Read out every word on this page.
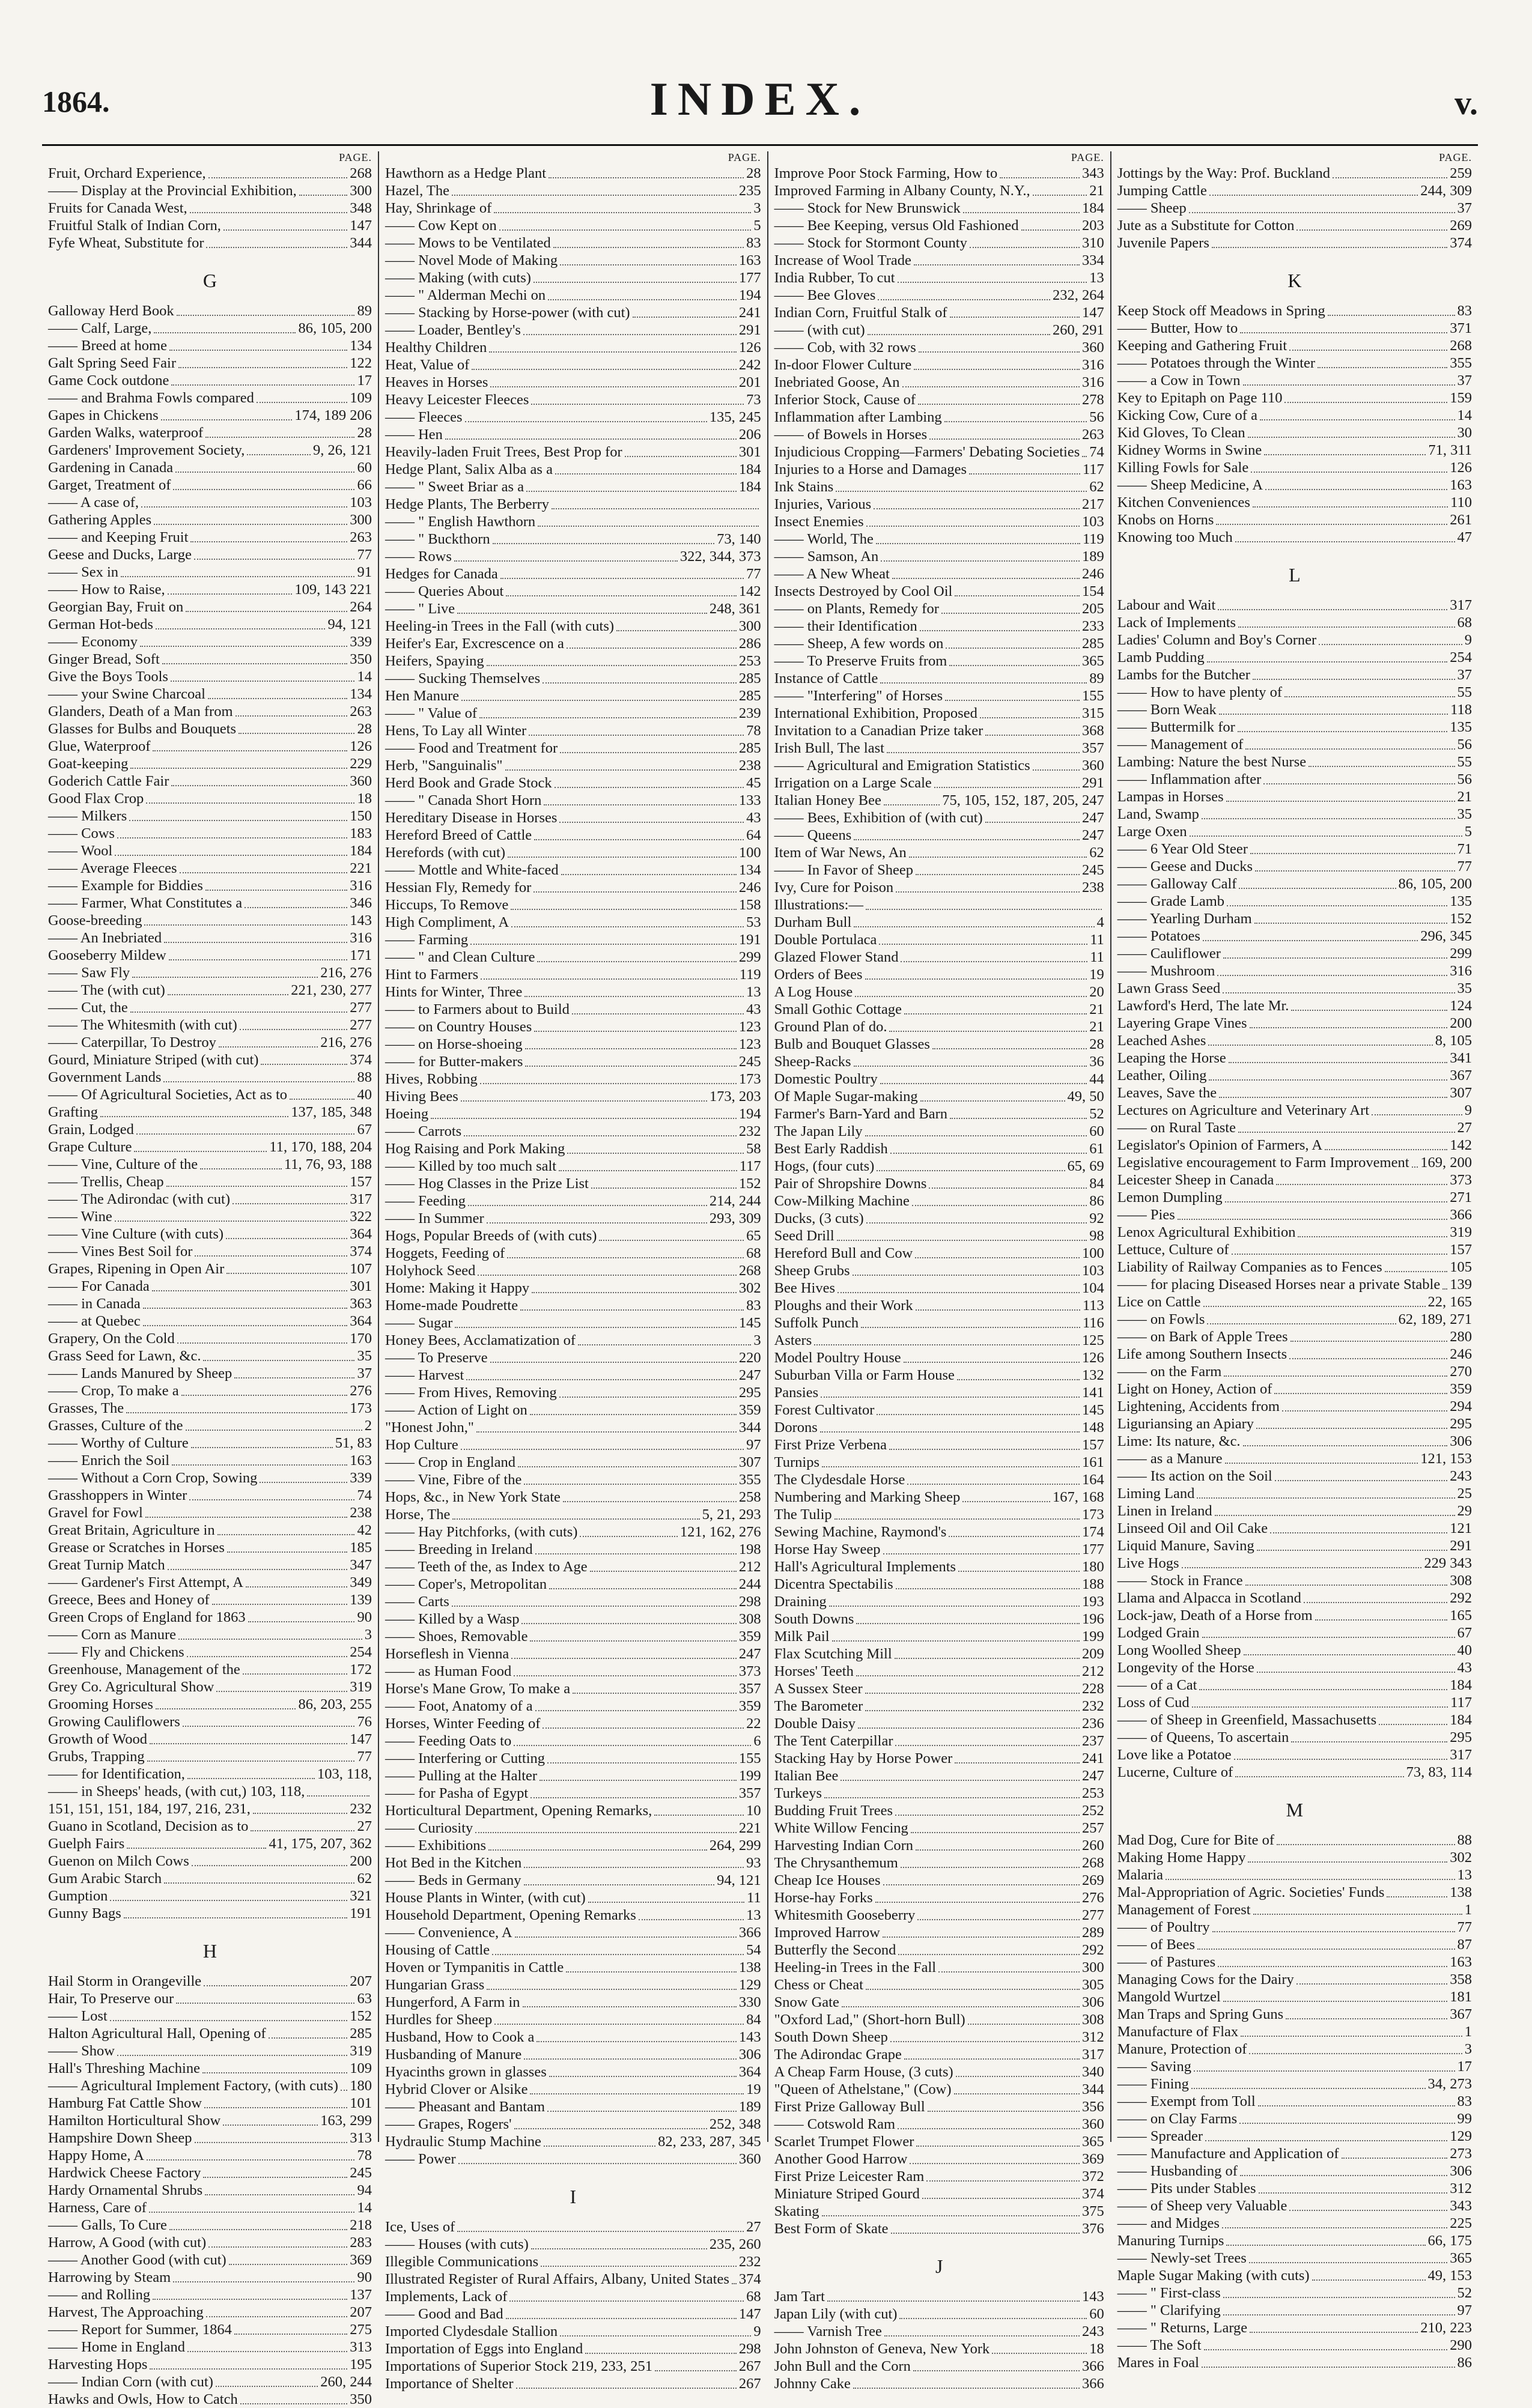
1864.	INDEX.	v.
PAGE.
Fruit, Orchard Experience,	268
—— Display at the Provincial Exhibition,	300
Fruits for Canada West,	348
Fruitful Stalk of Indian Corn,	147
Fyfe Wheat, Substitute for	344
G
Galloway Herd Book	89
—— Calf, Large,	86, 105, 200
—— Breed at home	134
Galt Spring Seed Fair	122
Game Cock outdone	17
—— and Brahma Fowls compared	109
Gapes in Chickens	174, 189 206
Garden Walks, waterproof	28
Gardeners' Improvement Society,	9, 26, 121
Gardening in Canada	60
Garget, Treatment of	66
—— A case of,	103
Gathering Apples	300
—— and Keeping Fruit	263
Geese and Ducks, Large	77
—— Sex in	91
—— How to Raise,	109, 143 221
Georgian Bay, Fruit on	264
German Hot-beds	94, 121
—— Economy	339
Ginger Bread, Soft	350
Give the Boys Tools	14
—— your Swine Charcoal	134
Glanders, Death of a Man from	263
Glasses for Bulbs and Bouquets	28
Glue, Waterproof	126
Goat-keeping	229
Goderich Cattle Fair	360
Good Flax Crop	18
—— Milkers	150
—— Cows	183
—— Wool	184
—— Average Fleeces	221
—— Example for Biddies	316
—— Farmer, What Constitutes a	346
Goose-breeding	143
—— An Inebriated	316
Gooseberry Mildew	171
—— Saw Fly	216, 276
—— The (with cut)	221, 230, 277
—— Cut, the	277
—— The Whitesmith (with cut)	277
—— Caterpillar, To Destroy	216, 276
Gourd, Miniature Striped (with cut)	374
Government Lands	88
—— Of Agricultural Societies, Act as to	40
Grafting	137, 185, 348
Grain, Lodged	67
Grape Culture	11, 170, 188, 204
—— Vine, Culture of the	11, 76, 93, 188
—— Trellis, Cheap	157
—— The Adirondac (with cut)	317
—— Wine	322
—— Vine Culture (with cuts)	364
—— Vines Best Soil for	374
Grapes, Ripening in Open Air	107
—— For Canada	301
—— in Canada	363
—— at Quebec	364
Grapery, On the Cold	170
Grass Seed for Lawn, &c.	35
—— Lands Manured by Sheep	37
—— Crop, To make a	276
Grasses, The	173
Grasses, Culture of the	2
—— Worthy of Culture	51, 83
—— Enrich the Soil	163
—— Without a Corn Crop, Sowing	339
Grasshoppers in Winter	74
Gravel for Fowl	238
Great Britain, Agriculture in	42
Grease or Scratches in Horses	185
Great Turnip Match	347
—— Gardener's First Attempt, A	349
Greece, Bees and Honey of	139
Green Crops of England for 1863	90
—— Corn as Manure	3
—— Fly and Chickens	254
Greenhouse, Management of the	172
Grey Co. Agricultural Show	319
Grooming Horses	86, 203, 255
Growing Cauliflowers	76
Growth of Wood	147
Grubs, Trapping	77
—— for Identification,	103, 118,
—— in Sheeps' heads, (with cut,) 103, 118,
151, 151, 151, 184, 197, 216, 231,	232
Guano in Scotland, Decision as to	27
Guelph Fairs	41, 175, 207, 362
Guenon on Milch Cows	200
Gum Arabic Starch	62
Gumption	321
Gunny Bags	191
H
Hail Storm in Orangeville	207
Hair, To Preserve our	63
—— Lost	152
Halton Agricultural Hall, Opening of	285
—— Show	319
Hall's Threshing Machine	109
—— Agricultural Implement Factory, (with cuts) 180
Hamburg Fat Cattle Show	101
Hamilton Horticultural Show	163, 299
Hampshire Down Sheep	313
Happy Home, A	78
Hardwick Cheese Factory	245
Hardy Ornamental Shrubs	94
Harness, Care of	14
—— Galls, To Cure	218
Harrow, A Good (with cut)	283
—— Another Good (with cut)	369
Harrowing by Steam	90
—— and Rolling	137
Harvest, The Approaching	207
—— Report for Summer, 1864	275
—— Home in England	313
Harvesting Hops	195
—— Indian Corn (with cut)	260, 244
Hawks and Owls, How to Catch	350
PAGE.
Hawthorn as a Hedge Plant	28
Hazel, The	235
Hay, Shrinkage of	3
—— Cow Kept on	5
—— Mows to be Ventilated	83
—— Novel Mode of Making	163
—— Making (with cuts)	177
—— " Alderman Mechi on	194
—— Stacking by Horse-power (with cut)	241
—— Loader, Bentley's	291
Healthy Children	126
Heat, Value of	242
Heaves in Horses	201
Heavy Leicester Fleeces	73
—— Fleeces	135, 245
—— Hen	206
Heavily-laden Fruit Trees, Best Prop for	301
Hedge Plant, Salix Alba as a	184
—— " Sweet Briar as a	184
Hedge Plants, The Berberry
—— " English Hawthorn
—— " Buckthorn	73, 140
—— Rows	322, 344, 373
Hedges for Canada	77
—— Queries About	142
—— " Live	248, 361
Heeling-in Trees in the Fall (with cuts)	300
Heifer's Ear, Excrescence on a	286
Heifers, Spaying	253
—— Sucking Themselves	285
Hen Manure	285
—— " Value of	239
Hens, To Lay all Winter	78
—— Food and Treatment for	285
Herb, "Sanguinalis"	238
Herd Book and Grade Stock	45
—— " Canada Short Horn	133
Hereditary Disease in Horses	43
Hereford Breed of Cattle	64
Herefords (with cut)	100
—— Mottle and White-faced	134
Hessian Fly, Remedy for	246
Hiccups, To Remove	158
High Compliment, A	53
—— Farming	191
—— " and Clean Culture	299
Hint to Farmers	119
Hints for Winter, Three	13
—— to Farmers about to Build	43
—— on Country Houses	123
—— on Horse-shoeing	123
—— for Butter-makers	245
Hives, Robbing	173
Hiving Bees	173, 203
Hoeing	194
—— Carrots	232
Hog Raising and Pork Making	58
—— Killed by too much salt	117
—— Hog Classes in the Prize List	152
—— Feeding	214, 244
—— In Summer	293, 309
Hogs, Popular Breeds of (with cuts)	65
Hoggets, Feeding of	68
Holyhock Seed	268
Home: Making it Happy	302
Home-made Poudrette	83
—— Sugar	145
Honey Bees, Acclamatization of	3
—— To Preserve	220
—— Harvest	247
—— From Hives, Removing	295
—— Action of Light on	359
"Honest John,"	344
Hop Culture	97
—— Crop in England	307
—— Vine, Fibre of the	355
Hops, &c., in New York State	258
Horse, The	5, 21, 293
—— Hay Pitchforks, (with cuts)	121, 162, 276
—— Breeding in Ireland	198
—— Teeth of the, as Index to Age	212
—— Coper's, Metropolitan	244
—— Carts	298
—— Killed by a Wasp	308
—— Shoes, Removable	359
Horseflesh in Vienna	247
—— as Human Food	373
Horse's Mane Grow, To make a	357
—— Foot, Anatomy of a	359
Horses, Winter Feeding of	22
—— Feeding Oats to	6
—— Interfering or Cutting	155
—— Pulling at the Halter	199
—— for Pasha of Egypt	357
Horticultural Department, Opening Remarks,	10
—— Curiosity	221
—— Exhibitions	264, 299
Hot Bed in the Kitchen	93
—— Beds in Germany	94, 121
House Plants in Winter, (with cut)	11
Household Department, Opening Remarks	13
—— Convenience, A	366
Housing of Cattle	54
Hoven or Tympanitis in Cattle	138
Hungarian Grass	129
Hungerford, A Farm in	330
Hurdles for Sheep	84
Husband, How to Cook a	143
Husbanding of Manure	306
Hyacinths grown in glasses	364
Hybrid Clover or Alsike	19
—— Pheasant and Bantam	189
—— Grapes, Rogers'	252, 348
Hydraulic Stump Machine	82, 233, 287, 345
—— Power	360
I
Ice, Uses of	27
—— Houses (with cuts)	235, 260
Illegible Communications	232
Illustrated Register of Rural Affairs, Albany, United States 374
Implements, Lack of	68
—— Good and Bad	147
Imported Clydesdale Stallion	9
Importation of Eggs into England	298
Importations of Superior Stock 219, 233, 251	267
Importance of Shelter	267
PAGE.
Improve Poor Stock Farming, How to	343
Improved Farming in Albany County, N.Y.,	21
—— Stock for New Brunswick	184
—— Bee Keeping, versus Old Fashioned	203
—— Stock for Stormont County	310
Increase of Wool Trade	334
India Rubber, To cut	13
—— Bee Gloves	232, 264
Indian Corn, Fruitful Stalk of	147
—— (with cut)	260, 291
—— Cob, with 32 rows	360
In-door Flower Culture	316
Inebriated Goose, An	316
Inferior Stock, Cause of	278
Inflammation after Lambing	56
—— of Bowels in Horses	263
Injudicious Cropping—Farmers' Debating Societies 74
Injuries to a Horse and Damages	117
Ink Stains	62
Injuries, Various	217
Insect Enemies	103
—— World, The	119
—— Samson, An	189
—— A New Wheat	246
Insects Destroyed by Cool Oil	154
—— on Plants, Remedy for	205
—— their Identification	233
—— Sheep, A few words on	285
—— To Preserve Fruits from	365
Instance of Cattle	89
—— "Interfering" of Horses	155
International Exhibition, Proposed	315
Invitation to a Canadian Prize taker	368
Irish Bull, The last	357
—— Agricultural and Emigration Statistics	360
Irrigation on a Large Scale	291
Italian Honey Bee	75, 105, 152, 187, 205, 247
—— Bees, Exhibition of (with cut)	247
—— Queens	247
Item of War News, An	62
—— In Favor of Sheep	245
Ivy, Cure for Poison	238
Illustrations:—
Durham Bull	4
Double Portulaca	11
Glazed Flower Stand	11
Orders of Bees	19
A Log House	20
Small Gothic Cottage	21
Ground Plan of do.	21
Bulb and Bouquet Glasses	28
Sheep-Racks	36
Domestic Poultry	44
Of Maple Sugar-making	49, 50
Farmer's Barn-Yard and Barn	52
The Japan Lily	60
Best Early Raddish	61
Hogs, (four cuts)	65, 69
Pair of Shropshire Downs	84
Cow-Milking Machine	86
Ducks, (3 cuts)	92
Seed Drill	98
Hereford Bull and Cow	100
Sheep Grubs	103
Bee Hives	104
Ploughs and their Work	113
Suffolk Punch	116
Asters	125
Model Poultry House	126
Suburban Villa or Farm House	132
Pansies	141
Forest Cultivator	145
Dorons	148
First Prize Verbena	157
Turnips	161
The Clydesdale Horse	164
Numbering and Marking Sheep	167, 168
The Tulip	173
Sewing Machine, Raymond's	174
Horse Hay Sweep	177
Hall's Agricultural Implements	180
Dicentra Spectabilis	188
Draining	193
South Downs	196
Milk Pail	199
Flax Scutching Mill	209
Horses' Teeth	212
A Sussex Steer	228
The Barometer	232
Double Daisy	236
The Tent Caterpillar	237
Stacking Hay by Horse Power	241
Italian Bee	247
Turkeys	253
Budding Fruit Trees	252
White Willow Fencing	257
Harvesting Indian Corn	260
The Chrysanthemum	268
Cheap Ice Houses	269
Horse-hay Forks	276
Whitesmith Gooseberry	277
Improved Harrow	289
Butterfly the Second	292
Heeling-in Trees in the Fall	300
Chess or Cheat	305
Snow Gate	306
"Oxford Lad," (Short-horn Bull)	308
South Down Sheep	312
The Adirondac Grape	317
A Cheap Farm House, (3 cuts)	340
"Queen of Athelstane," (Cow)	344
First Prize Galloway Bull	356
—— Cotswold Ram	360
Scarlet Trumpet Flower	365
Another Good Harrow	369
First Prize Leicester Ram	372
Miniature Striped Gourd	374
Skating	375
Best Form of Skate	376
J
Jam Tart	143
Japan Lily (with cut)	60
—— Varnish Tree	243
John Johnston of Geneva, New York	18
John Bull and the Corn	366
Johnny Cake	366
PAGE.
Jottings by the Way: Prof. Buckland	259
Jumping Cattle	244, 309
—— Sheep	37
Jute as a Substitute for Cotton	269
Juvenile Papers	374
K
Keep Stock off Meadows in Spring	83
—— Butter, How to	371
Keeping and Gathering Fruit	268
—— Potatoes through the Winter	355
—— a Cow in Town	37
Key to Epitaph on Page 110	159
Kicking Cow, Cure of a	14
Kid Gloves, To Clean	30
Kidney Worms in Swine	71, 311
Killing Fowls for Sale	126
—— Sheep Medicine, A	163
Kitchen Conveniences	110
Knobs on Horns	261
Knowing too Much	47
L
Labour and Wait	317
Lack of Implements	68
Ladies' Column and Boy's Corner	9
Lamb Pudding	254
Lambs for the Butcher	37
—— How to have plenty of	55
—— Born Weak	118
—— Buttermilk for	135
—— Management of	56
Lambing: Nature the best Nurse	55
—— Inflammation after	56
Lampas in Horses	21
Land, Swamp	35
Large Oxen	5
—— 6 Year Old Steer	71
—— Geese and Ducks	77
—— Galloway Calf	86, 105, 200
—— Grade Lamb	135
—— Yearling Durham	152
—— Potatoes	296, 345
—— Cauliflower	299
—— Mushroom	316
Lawn Grass Seed	35
Lawford's Herd, The late Mr.	124
Layering Grape Vines	200
Leached Ashes	8, 105
Leaping the Horse	341
Leather, Oiling	367
Leaves, Save the	307
Lectures on Agriculture and Veterinary Art	9
—— on Rural Taste	27
Legislator's Opinion of Farmers, A	142
Legislative encouragement to Farm Improvement 169, 200
Leicester Sheep in Canada	373
Lemon Dumpling	271
—— Pies	366
Lenox Agricultural Exhibition	319
Lettuce, Culture of	157
Liability of Railway Companies as to Fences	105
—— for placing Diseased Horses near a private Stable 139
Lice on Cattle	22, 165
—— on Fowls	62, 189, 271
—— on Bark of Apple Trees	280
Life among Southern Insects	246
—— on the Farm	270
Light on Honey, Action of	359
Lightening, Accidents from	294
Liguriansing an Apiary	295
Lime: Its nature, &c.	306
—— as a Manure	121, 153
—— Its action on the Soil	243
Liming Land	25
Linen in Ireland	29
Linseed Oil and Oil Cake	121
Liquid Manure, Saving	291
Live Hogs	229 343
—— Stock in France	308
Llama and Alpacca in Scotland	292
Lock-jaw, Death of a Horse from	165
Lodged Grain	67
Long Woolled Sheep	40
Longevity of the Horse	43
—— of a Cat	184
Loss of Cud	117
—— of Sheep in Greenfield, Massachusetts	184
—— of Queens, To ascertain	295
Love like a Potatoe	317
Lucerne, Culture of	73, 83, 114
M
Mad Dog, Cure for Bite of	88
Making Home Happy	302
Malaria	13
Mal-Appropriation of Agric. Societies' Funds	138
Management of Forest	1
—— of Poultry	77
—— of Bees	87
—— of Pastures	163
Managing Cows for the Dairy	358
Mangold Wurtzel	181
Man Traps and Spring Guns	367
Manufacture of Flax	1
Manure, Protection of	3
—— Saving	17
—— Fining	34, 273
—— Exempt from Toll	83
—— on Clay Farms	99
—— Spreader	129
—— Manufacture and Application of	273
—— Husbanding of	306
—— Pits under Stables	312
—— of Sheep very Valuable	343
—— and Midges	225
Manuring Turnips	66, 175
—— Newly-set Trees	365
Maple Sugar Making (with cuts)	49, 153
—— " First-class	52
—— " Clarifying	97
—— " Returns, Large	210, 223
—— The Soft	290
Mares in Foal	86
